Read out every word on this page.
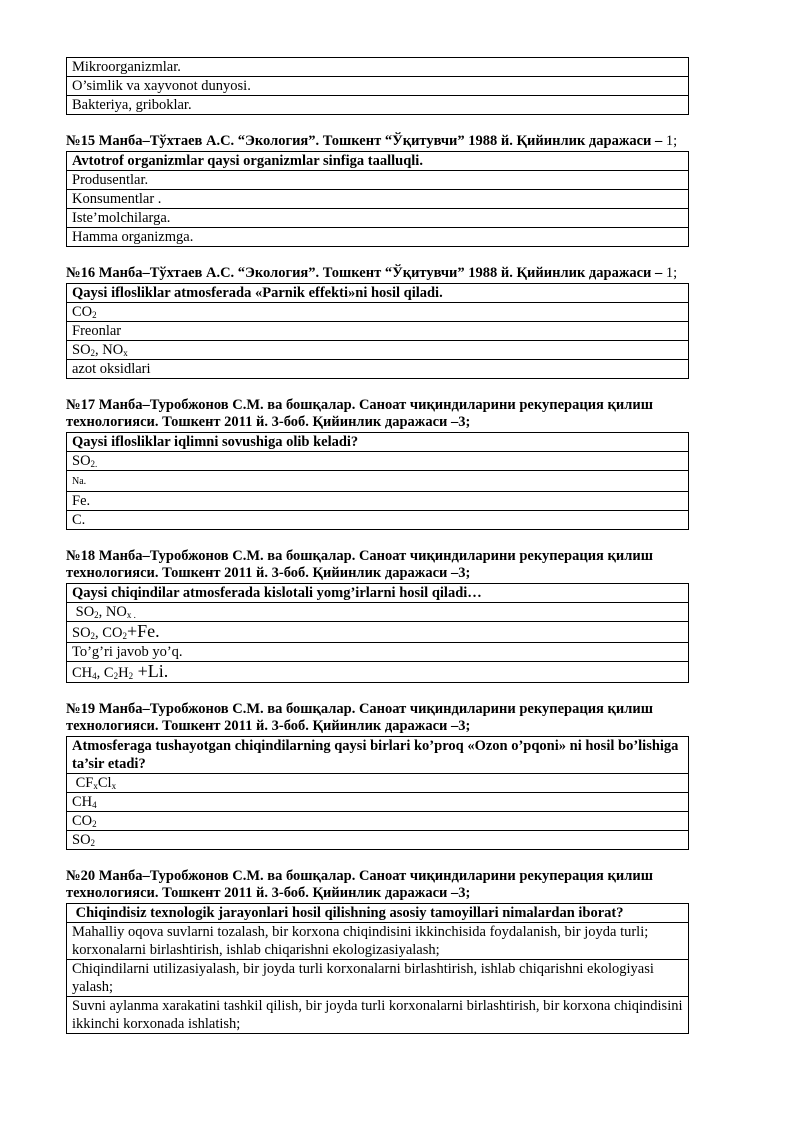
Mikroorganizmlar.
O’simlik va xayvonot dunyosi.
Bakteriya, griboklar.
№15 Манба–Тўхтаев А.С. “Экология”. Тошкент “Ўқитувчи” 1988 й. Қийинлик даражаси – 1;
Avtotrof organizmlar qaysi organizmlar sinfiga taalluqli.
Produsentlar.
Konsumentlar .
Iste’molchilarga.
Hamma organizmga.
№16 Манба–Тўхтаев А.С. “Экология”. Тошкент “Ўқитувчи” 1988 й. Қийинлик даражаси – 1;
Qaysi iflosliklar atmosferada «Parnik effekti»ni hosil qiladi.
$CO_2$
Freonlar
$SO_2$, $NO_x$
azot oksidlari
№17 Манба–Туробжонов С.М. ва бошқалар. Саноат чиқиндиларини рекуперация қилиш технологияси. Тошкент 2011 й. 3-боб. Қийинлик даражаси –3;
Qaysi iflosliklar iqlimni sovushiga olib keladi?
$SO_{2.}$
Na.
Fe.
C.
№18 Манба–Туробжонов С.М. ва бошқалар. Саноат чиқиндиларини рекуперация қилиш технологияси. Тошкент 2011 й. 3-боб. Қийинлик даражаси –3;
Qaysi chiqindilar atmosferada kislotali yomg’irlarni hosil qiladi…
$SO_2$, $NO_{x .}$
$SO_2$, $CO_2+Fe$.
To’g’ri javob yo’q.
$CH_4$, $C_2H_2 +Li$.
№19 Манба–Туробжонов С.М. ва бошқалар. Саноат чиқиндиларини рекуперация қилиш технологияси. Тошкент 2011 й. 3-боб. Қийинлик даражаси –3;
Atmosferaga tushayotgan chiqindilarning qaysi birlari ko’proq «Ozon o’pqoni» ni hosil bo’lishiga ta’sir etadi?
$CF_xCl_x$
$CH_4$
$CO_2$
$SO_2$
№20 Манба–Туробжонов С.М. ва бошқалар. Саноат чиқиндиларини рекуперация қилиш технологияси. Тошкент 2011 й. 3-боб. Қийинлик даражаси –3;
Chiqindisiz texnologik jarayonlari hosil qilishning asosiy tamoyillari nimalardan iborat?
Mahalliy oqova suvlarni tozalash, bir korxona chiqindisini ikkinchisida foydalanish, bir joyda turli; korxonalarni birlashtirish, ishlab chiqarishni ekologizasiyalash;
Chiqindilarni utilizasiyalash, bir joyda turli korxonalarni birlashtirish, ishlab chiqarishni ekologiyasi yalash;
Suvni aylanma xarakatini tashkil qilish, bir joyda turli korxonalarni birlashtirish, bir korxona chiqindisini ikkinchi korxonada ishlatish;
